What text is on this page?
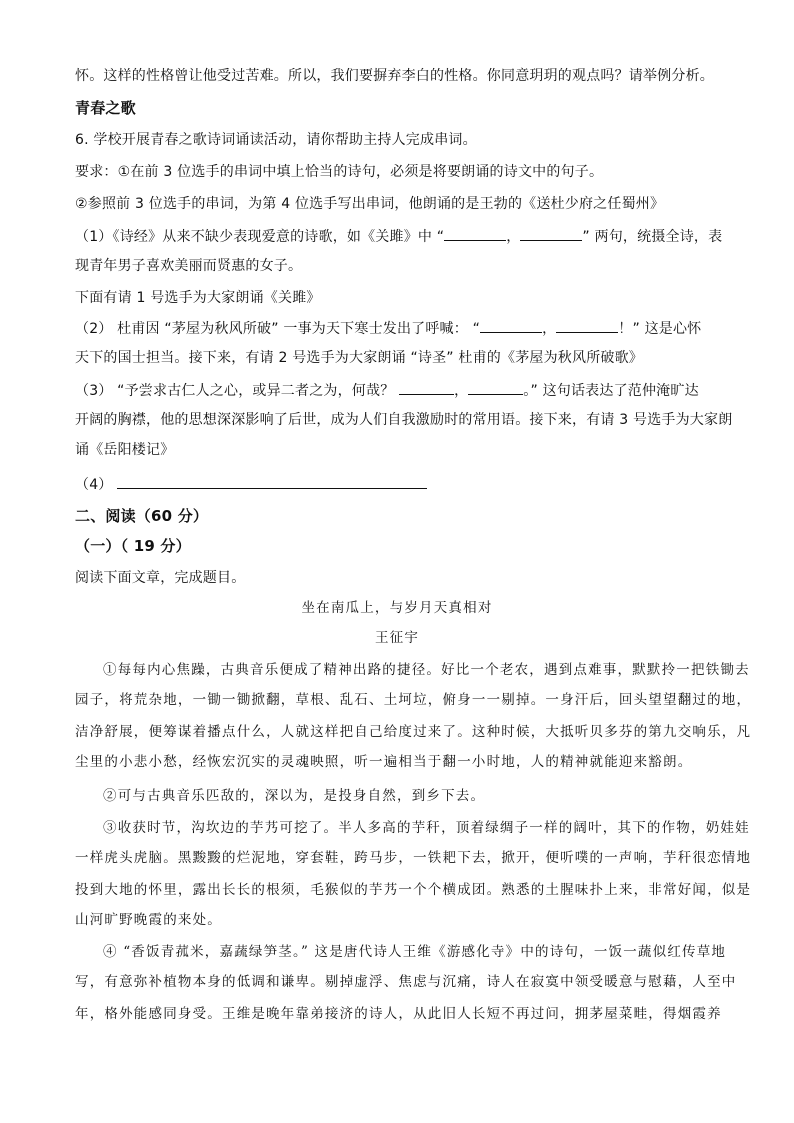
怀。这样的性格曾让他受过苦难。所以，我们要摒弃李白的性格。你同意玥玥的观点吗？请举例分析。
青春之歌
6. 学校开展青春之歌诗词诵读活动，请你帮助主持人完成串词。
要求：①在前 3 位选手的串词中填上恰当的诗句，必须是将要朗诵的诗文中的句子。
②参照前 3 位选手的串词，为第 4 位选手写出串词，他朗诵的是王勃的《送杜少府之任蜀州》
（1）《诗经》从来不缺少表现爱意的诗歌，如《关雎》中 “	，	” 两句，统摄全诗，表
现青年男子喜欢美丽而贤惠的女子。
下面有请 1 号选手为大家朗诵《关雎》
（2） 杜甫因 “茅屋为秋风所破” 一事为天下寒士发出了呼喊： “	，	！” 这是心怀
天下的国士担当。接下来，有请 2 号选手为大家朗诵 “诗圣” 杜甫的《茅屋为秋风所破歌》
（3） “予尝求古仁人之心，或异二者之为，何哉？	，	。” 这句话表达了范仲淹旷达
开阔的胸襟，他的思想深深影响了后世，成为人们自我激励时的常用语。接下来，有请 3 号选手为大家朗
诵《岳阳楼记》
（4）
二、阅读（60 分）
（一）（ 19 分）
阅读下面文章，完成题目。
坐在南瓜上，与岁月天真相对
王征宇
①每每内心焦躁，古典音乐便成了精神出路的捷径。好比一个老农，遇到点难事，默默拎一把铁锄去
园子，将荒杂地，一锄一锄掀翻，草根、乱石、土坷垃，俯身一一剔掉。一身汗后，回头望望翻过的地，
洁净舒展，便筹谋着播点什么，人就这样把自己给度过来了。这种时候，大抵听贝多芬的第九交响乐，凡
尘里的小悲小愁，经恢宏沉实的灵魂映照，听一遍相当于翻一小时地，人的精神就能迎来豁朗。
②可与古典音乐匹敌的，深以为，是投身自然，到乡下去。
③收获时节，沟坎边的芋艿可挖了。半人多高的芋秆，顶着绿绸子一样的阔叶，其下的作物，奶娃娃
一样虎头虎脑。黑黢黢的烂泥地，穿套鞋，跨马步，一铁耙下去，掀开，便听噗的一声响，芋秆很恋情地
投到大地的怀里，露出长长的根须，毛猴似的芋艿一个个横成团。熟悉的土腥味扑上来，非常好闻，似是
山河旷野晚霞的来处。
④ “香饭青菰米，嘉蔬绿笋茎。” 这是唐代诗人王维《游感化寺》中的诗句，一饭一蔬似红传草地
写，有意弥补植物本身的低调和谦卑。剔掉虚浮、焦虑与沉痛，诗人在寂寞中领受暖意与慰藉，人至中
年，格外能感同身受。王维是晚年靠弟接济的诗人，从此旧人长短不再过问，拥茅屋菜畦，得烟霞养
